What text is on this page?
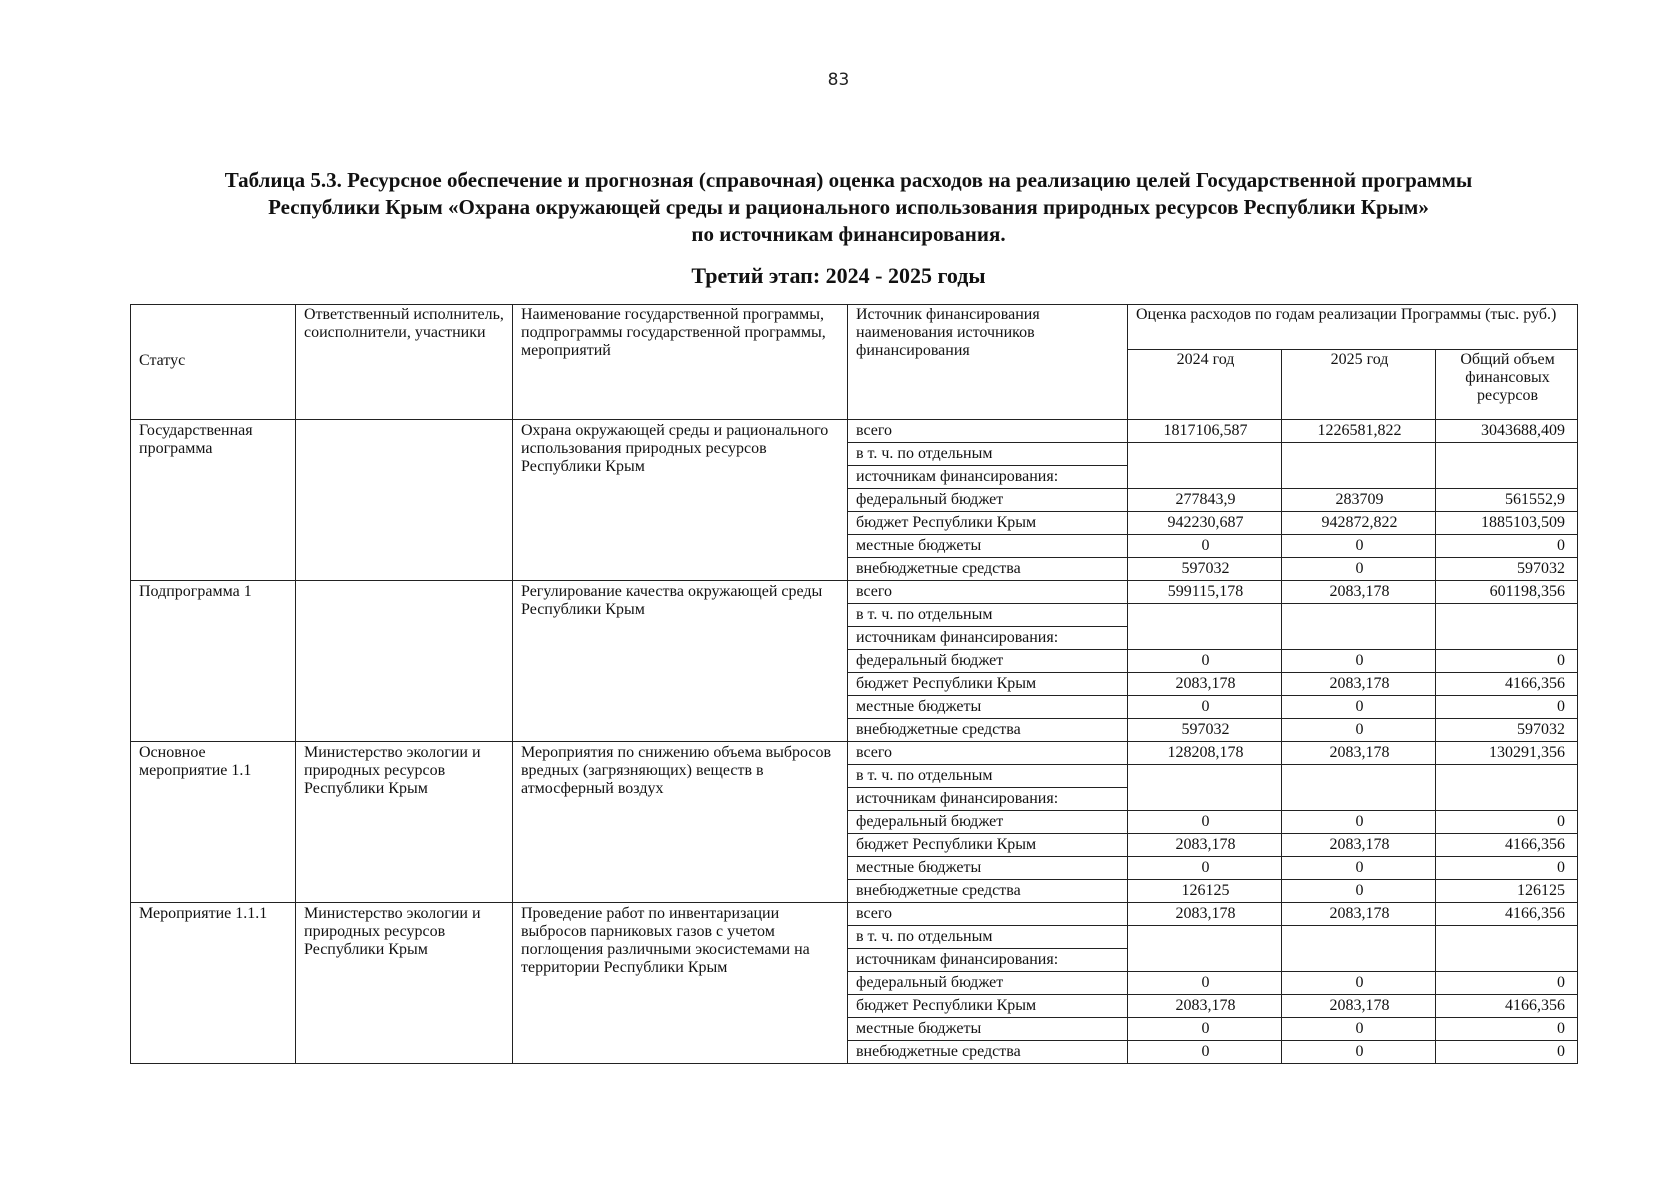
83
Таблица 5.3. Ресурсное обеспечение и прогнозная (справочная) оценка расходов на реализацию целей Государственной программы
Республики Крым «Охрана окружающей среды и рационального использования природных ресурсов Республики Крым»
по источникам финансирования.
Третий этап: 2024 - 2025 годы
Статус	Ответственный исполнитель, соисполнители, участники	Наименование государственной программы, подпрограммы государственной программы, мероприятий	Источник финансирования наименования источников финансирования	Оценка расходов по годам реализации Программы (тыс. руб.)		
				2024 год	2025 год	Общий объем финансовых ресурсов
Государственная программа		Охрана окружающей среды и рационального использования природных ресурсов Республики Крым	всего	1817106,587	1226581,822	3043688,409
			в т. ч. по отдельным			
			источникам финансирования:			
			федеральный бюджет	277843,9	283709	561552,9
			бюджет Республики Крым	942230,687	942872,822	1885103,509
			местные бюджеты	0	0	0
			внебюджетные средства	597032	0	597032
Подпрограмма 1		Регулирование качества окружающей среды Республики Крым	всего	599115,178	2083,178	601198,356
			в т. ч. по отдельным			
			источникам финансирования:			
			федеральный бюджет	0	0	0
			бюджет Республики Крым	2083,178	2083,178	4166,356
			местные бюджеты	0	0	0
			внебюджетные средства	597032	0	597032
Основное мероприятие 1.1	Министерство экологии и природных ресурсов Республики Крым	Мероприятия по снижению объема выбросов вредных (загрязняющих) веществ в атмосферный воздух	всего	128208,178	2083,178	130291,356
			в т. ч. по отдельным			
			источникам финансирования:			
			федеральный бюджет	0	0	0
			бюджет Республики Крым	2083,178	2083,178	4166,356
			местные бюджеты	0	0	0
			внебюджетные средства	126125	0	126125
Мероприятие 1.1.1	Министерство экологии и природных ресурсов Республики Крым	Проведение работ по инвентаризации выбросов парниковых газов с учетом поглощения различными экосистемами на территории Республики Крым	всего	2083,178	2083,178	4166,356
			в т. ч. по отдельным			
			источникам финансирования:			
			федеральный бюджет	0	0	0
			бюджет Республики Крым	2083,178	2083,178	4166,356
			местные бюджеты	0	0	0
			внебюджетные средства	0	0	0
